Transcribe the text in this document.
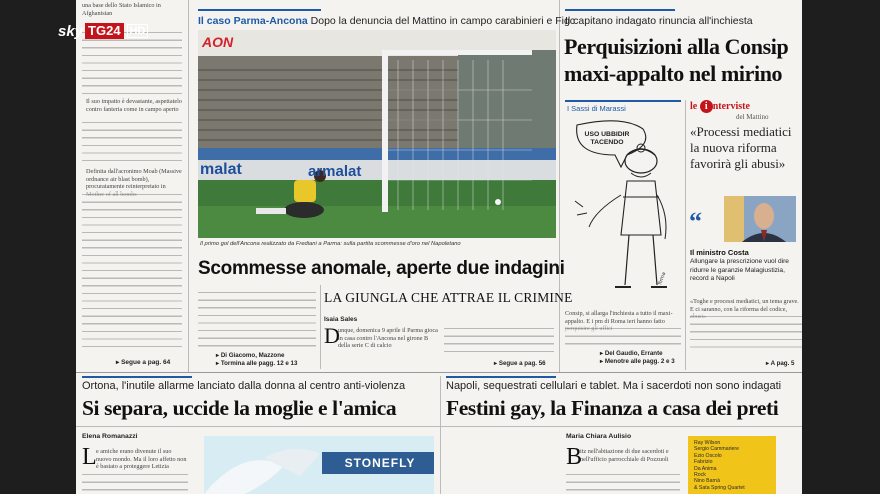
sky TG24 HD
una base dello Stato Islamico in Afghanistan
Il suo impatto è devastante, aspettatelo contro fanteria come in campo aperto
Definita dall'acronimo Moab (Massive ordnance air blast bomb), procuratamente reinterpretato in
▸ Segue a pag. 64
Il caso Parma-Ancona Dopo la denuncia del Mattino in campo carabinieri e Figc
AON
malat	armalat
Il primo gol dell'Ancona realizzato da Frediani a Parma: sulla partita scommesse d'oro nel Napoletano
Scommesse anomale, aperte due indagini
▸ Di Giacomo, Mazzone
▸ Tormina alle pagg. 12 e 13
LA GIUNGLA CHE ATTRAE IL CRIMINE
Isaia Sales
D
unque, domenica 9 aprile il Parma gioca in casa contro l'Ancona nel girone B della serie C di calcio
▸ Segue a pag. 56
Il capitano indagato rinuncia all'inchiesta
Perquisizioni alla Consip maxi-appalto nel mirino
I Sassi di Marassi
firma
USO UBBIDIR TACENDO
Consip, si allarga l'inchiesta a tutto il maxi-appalto. E i pm di Roma ieri hanno fatto
▸ Del Gaudio, Errante
▸ Menotre alle pagg. 2 e 3
le i nterviste
del Mattino
«Processi mediatici la nuova riforma favorirà gli abusi»
“
Il ministro Costa
Allungare la prescrizione vuol dire ridurre le garanzie Malagiustizia, record a Napoli
«Toghe e processi mediatici, un tema grave. E ci saranno, con la riforma del codice,
▸ A pag. 5
Ortona, l'inutile allarme lanciato dalla donna al centro anti-violenza
Si separa, uccide la moglie e l'amica
Napoli, sequestrati cellulari e tablet. Ma i sacerdoti non sono indagati
Festini gay, la Finanza a casa dei preti
Elena Romanazzi
L e amiche erano divenute il suo nuovo mondo. Ma il loro affetto non è bastato a proteggere Letizia	STONEFLY
Maria Chiara Aulisio
B
itz nell'abitazione di due sacerdoti e nell'ufficio parrocchiale di Pozzuoli
Ray Wilson
Sergio Cammariere
Ezio Oscolo
Fabrizio
Da Anima
Rock
Nino Barnà
& Sata Spring Quartet
